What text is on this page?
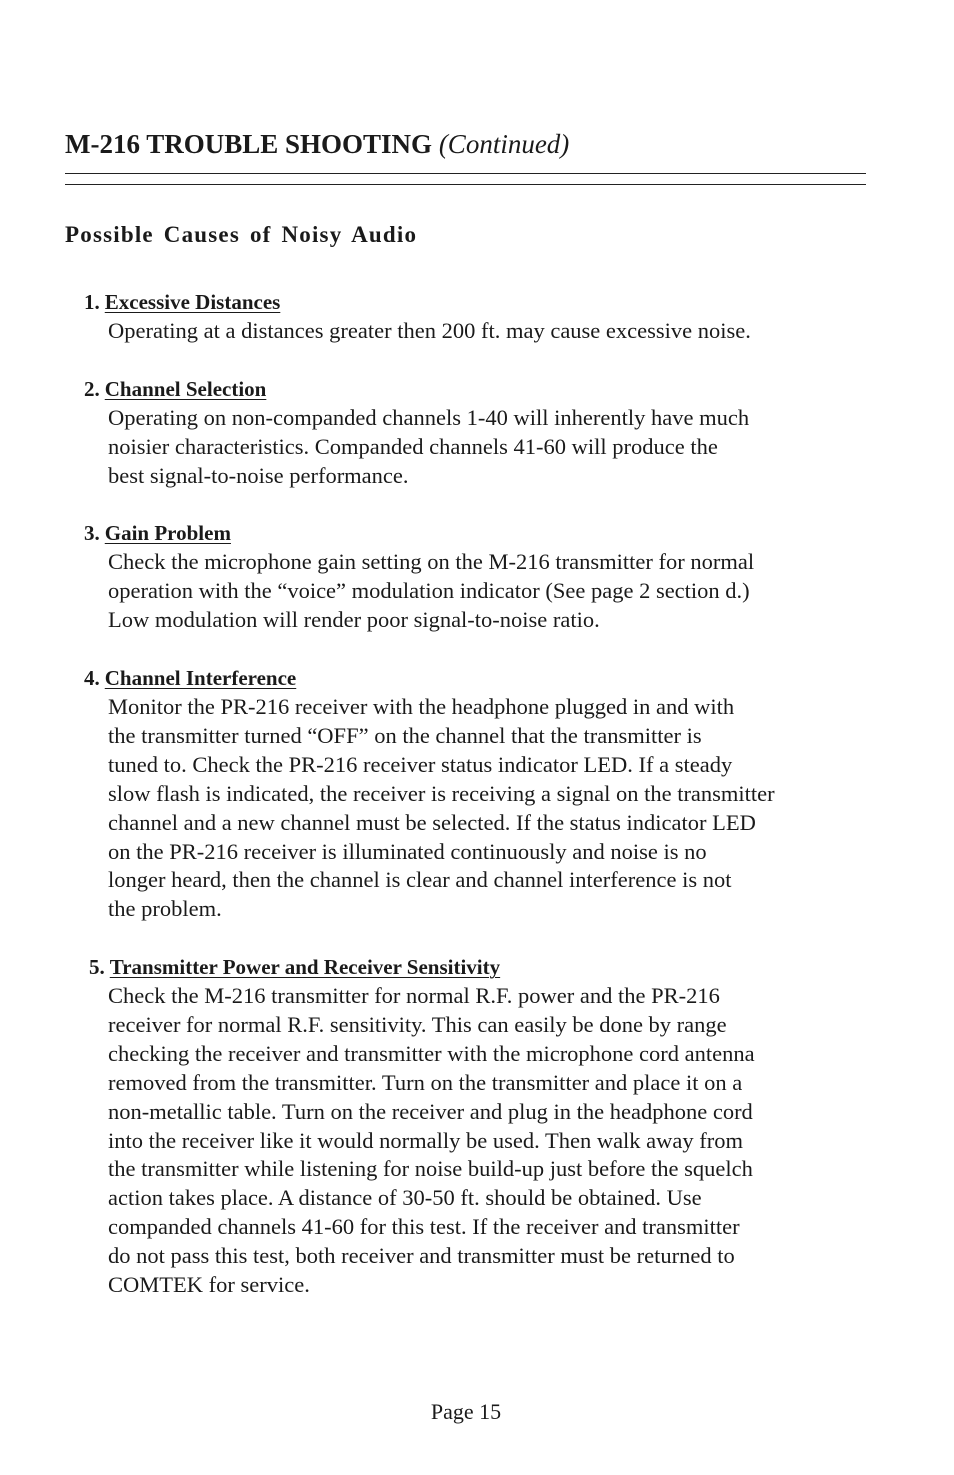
M-216 TROUBLE SHOOTING (Continued)
Possible Causes of Noisy Audio
1. Excessive Distances
Operating at a distances greater then 200 ft. may cause excessive noise.
2. Channel Selection
Operating on non-companded channels 1-40 will inherently have much
noisier characteristics. Companded channels 41-60 will produce the
best signal-to-noise performance.
3. Gain Problem
Check the microphone gain setting on the M-216 transmitter for normal
operation with the “voice” modulation indicator (See page 2 section d.)
Low modulation will render poor signal-to-noise ratio.
4. Channel Interference
Monitor the PR-216 receiver with the headphone plugged in and with
the transmitter turned “OFF” on the channel that the transmitter is
tuned to. Check the PR-216 receiver status indicator LED. If a steady
slow flash is indicated, the receiver is receiving a signal on the transmitter
channel and a new channel must be selected. If the status indicator LED
on the PR-216 receiver is illuminated continuously and noise is no
longer heard, then the channel is clear and channel interference is not
the problem.
5. Transmitter Power and Receiver Sensitivity
Check the M-216 transmitter for normal R.F. power and the PR-216
receiver for normal R.F. sensitivity. This can easily be done by range
checking the receiver and transmitter with the microphone cord antenna
removed from the transmitter. Turn on the transmitter and place it on a
non-metallic table. Turn on the receiver and plug in the headphone cord
into the receiver like it would normally be used. Then walk away from
the transmitter while listening for noise build-up just before the squelch
action takes place. A distance of 30-50 ft. should be obtained. Use
companded channels 41-60 for this test. If the receiver and transmitter
do not pass this test, both receiver and transmitter must be returned to
COMTEK for service.
Page 15
